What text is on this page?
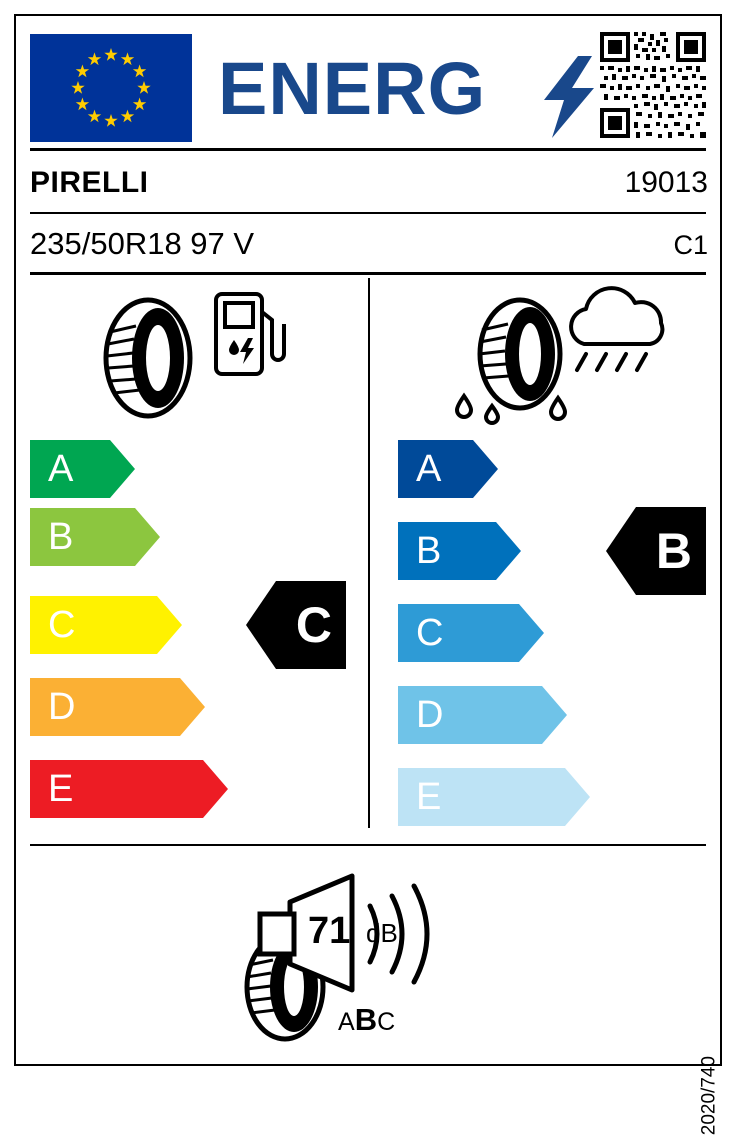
ENERG
PIRELLI	19013
235/50R18 97 V	C1
A
B
C
D
E
C
A
B
C
D
E
B
71 dB
ABC
2020/740
